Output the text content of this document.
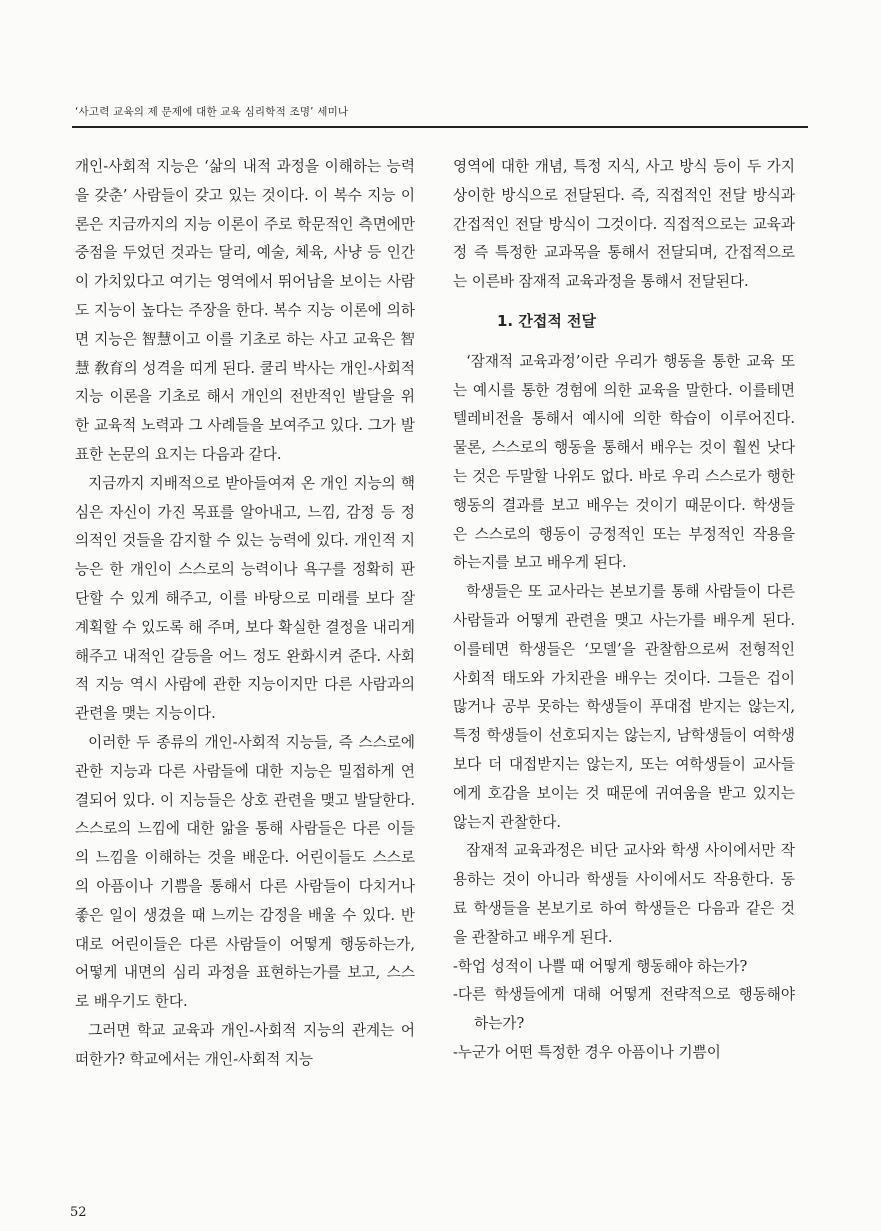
‘사고력 교육의 제 문제에 대한 교육 심리학적 조명’ 세미나

개인-사회적 지능은 ‘삶의 내적 과정을 이해하는 능력을 갖춘’ 사람들이 갖고 있는 것이다. 이 복수 지능 이론은 지금까지의 지능 이론이 주로 학문적인 측면에만 중점을 두었던 것과는 달리, 예술, 체육, 사냥 등 인간이 가치있다고 여기는 영역에서 뛰어남을 보이는 사람도 지능이 높다는 주장을 한다. 복수 지능 이론에 의하면 지능은 智慧이고 이를 기초로 하는 사고 교육은 智慧 敎育의 성격을 띠게 된다. 쿨리 박사는 개인-사회적 지능 이론을 기초로 해서 개인의 전반적인 발달을 위한 교육적 노력과 그 사례들을 보여주고 있다. 그가 발표한 논문의 요지는 다음과 같다.

지금까지 지배적으로 받아들여져 온 개인 지능의 핵심은 자신이 가진 목표를 알아내고, 느낌, 감정 등 정의적인 것들을 감지할 수 있는 능력에 있다. 개인적 지능은 한 개인이 스스로의 능력이나 욕구를 정확히 판단할 수 있게 해주고, 이를 바탕으로 미래를 보다 잘 계획할 수 있도록 해 주며, 보다 확실한 결정을 내리게 해주고 내적인 갈등을 어느 정도 완화시켜 준다. 사회적 지능 역시 사람에 관한 지능이지만 다른 사람과의 관련을 맺는 지능이다.

이러한 두 종류의 개인-사회적 지능들, 즉 스스로에 관한 지능과 다른 사람들에 대한 지능은 밀접하게 연결되어 있다. 이 지능들은 상호 관련을 맺고 발달한다. 스스로의 느낌에 대한 앎을 통해 사람들은 다른 이들의 느낌을 이해하는 것을 배운다. 어린이들도 스스로의 아픔이나 기쁨을 통해서 다른 사람들이 다치거나 좋은 일이 생겼을 때 느끼는 감정을 배울 수 있다. 반대로 어린이들은 다른 사람들이 어떻게 행동하는가, 어떻게 내면의 심리 과정을 표현하는가를 보고, 스스로 배우기도 한다.

그러면 학교 교육과 개인-사회적 지능의 관계는 어떠한가? 학교에서는 개인-사회적 지능

영역에 대한 개념, 특정 지식, 사고 방식 등이 두 가지 상이한 방식으로 전달된다. 즉, 직접적인 전달 방식과 간접적인 전달 방식이 그것이다. 직접적으로는 교육과정 즉 특정한 교과목을 통해서 전달되며, 간접적으로는 이른바 잠재적 교육과정을 통해서 전달된다.

1. 간접적 전달

‘잠재적 교육과정’이란 우리가 행동을 통한 교육 또는 예시를 통한 경험에 의한 교육을 말한다. 이를테면 텔레비전을 통해서 예시에 의한 학습이 이루어진다. 물론, 스스로의 행동을 통해서 배우는 것이 훨씬 낫다는 것은 두말할 나위도 없다. 바로 우리 스스로가 행한 행동의 결과를 보고 배우는 것이기 때문이다. 학생들은 스스로의 행동이 긍정적인 또는 부정적인 작용을 하는지를 보고 배우게 된다.

학생들은 또 교사라는 본보기를 통해 사람들이 다른 사람들과 어떻게 관련을 맺고 사는가를 배우게 된다. 이를테면 학생들은 ‘모델’을 관찰함으로써 전형적인 사회적 태도와 가치관을 배우는 것이다. 그들은 겁이 많거나 공부 못하는 학생들이 푸대접 받지는 않는지, 특정 학생들이 선호되지는 않는지, 남학생들이 여학생보다 더 대접받지는 않는지, 또는 여학생들이 교사들에게 호감을 보이는 것 때문에 귀여움을 받고 있지는 않는지 관찰한다.

잠재적 교육과정은 비단 교사와 학생 사이에서만 작용하는 것이 아니라 학생들 사이에서도 작용한다. 동료 학생들을 본보기로 하여 학생들은 다음과 같은 것을 관찰하고 배우게 된다.

-학업 성적이 나쁠 때 어떻게 행동해야 하는가?
-다른 학생들에게 대해 어떻게 전략적으로 행동해야 하는가?
-누군가 어떤 특정한 경우 아픔이나 기쁨이
52
